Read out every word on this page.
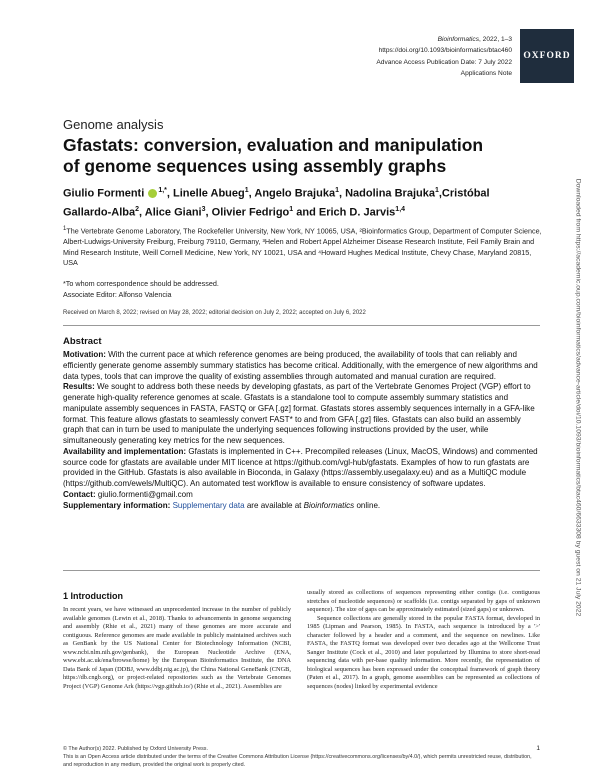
Bioinformatics, 2022, 1–3
https://doi.org/10.1093/bioinformatics/btac460
Advance Access Publication Date: 7 July 2022
Applications Note
OXFORD
Genome analysis
Gfastats: conversion, evaluation and manipulation of genome sequences using assembly graphs
Giulio Formenti $^{1,*}$, Linelle Abueg$^1$, Angelo Brajuka$^1$, Nadolina Brajuka$^1$,Cristóbal Gallardo-Alba$^2$, Alice Giani$^3$, Olivier Fedrigo$^1$ and Erich D. Jarvis$^{1,4}$
$^1$The Vertebrate Genome Laboratory, The Rockefeller University, New York, NY 10065, USA, ²Bioinformatics Group, Department of Computer Science, Albert-Ludwigs-University Freiburg, Freiburg 79110, Germany, ³Helen and Robert Appel Alzheimer Disease Research Institute, Feil Family Brain and Mind Research Institute, Weill Cornell Medicine, New York, NY 10021, USA and ⁴Howard Hughes Medical Institute, Chevy Chase, Maryland 20815, USA
*To whom correspondence should be addressed.
Associate Editor: Alfonso Valencia
Received on March 8, 2022; revised on May 28, 2022; editorial decision on July 2, 2022; accepted on July 6, 2022
Abstract

Motivation: With the current pace at which reference genomes are being produced, the availability of tools that can reliably and efficiently generate genome assembly summary statistics has become critical. Additionally, with the emergence of new algorithms and data types, tools that can improve the quality of existing assemblies through automated and manual curation are required.

Results: We sought to address both these needs by developing gfastats, as part of the Vertebrate Genomes Project (VGP) effort to generate high-quality reference genomes at scale. Gfastats is a standalone tool to compute assembly summary statistics and manipulate assembly sequences in FASTA, FASTQ or GFA [.gz] format. Gfastats stores assembly sequences internally in a GFA-like format. This feature allows gfastats to seamlessly convert FAST* to and from GFA [.gz] files. Gfastats can also build an assembly graph that can in turn be used to manipulate the underlying sequences following instructions provided by the user, while simultaneously generating key metrics for the new sequences.

Availability and implementation: Gfastats is implemented in C++. Precompiled releases (Linux, MacOS, Windows) and commented source code for gfastats are available under MIT licence at https://github.com/vgl-hub/gfastats. Examples of how to run gfastats are provided in the GitHub. Gfastats is also available in Bioconda, in Galaxy (https://assembly.usegalaxy.eu) and as a MultiQC module (https://github.com/ewels/MultiQC). An automated test workflow is available to ensure consistency of software updates.

Contact: giulio.formenti@gmail.com

Supplementary information: Supplementary data are available at Bioinformatics online.

1 Introduction

In recent years, we have witnessed an unprecedented increase in the number of publicly available genomes (Lewin et al., 2018). Thanks to advancements in genome sequencing and assembly (Rhie et al., 2021) many of these genomes are more accurate and contiguous. Reference genomes are made available in publicly maintained archives such as GenBank by the US National Center for Biotechnology Information (NCBI, www.ncbi.nlm.nih.gov/genbank), the European Nucleotide Archive (ENA, www.ebi.ac.uk/ena/browse/home) by the European Bioinformatics Institute, the DNA Data Bank of Japan (DDBJ, www.ddbj.nig.ac.jp), the China National GeneBank (CNGB, https://db.cngb.org), or project-related repositories such as the Vertebrate Genomes Project (VGP) Genome Ark (https://vgp.github.io/) (Rhie et al., 2021). Assemblies are

usually stored as collections of sequences representing either contigs (i.e. contiguous stretches of nucleotide sequences) or scaffolds (i.e. contigs separated by gaps of unknown sequence). The size of gaps can be approximately estimated (sized gaps) or unknown.

Sequence collections are generally stored in the popular FASTA format, developed in 1985 (Lipman and Pearson, 1985). In FASTA, each sequence is introduced by a '>' character followed by a header and a comment, and the sequence on newlines. Like FASTA, the FASTQ format was developed over two decades ago at the Wellcome Trust Sanger Institute (Cock et al., 2010) and later popularized by Illumina to store short-read sequencing data with per-base quality information. More recently, the representation of biological sequences has been expressed under the conceptual framework of graph theory (Paten et al., 2017). In a graph, genome assemblies can be represented as collections of sequences (nodes) linked by experimental evidence

Downloaded from https://academic.oup.com/bioinformatics/advance-article/doi/10.1093/bioinformatics/btac460/6633308 by guest on 21 July 2022
© The Author(s) 2022. Published by Oxford University Press.
This is an Open Access article distributed under the terms of the Creative Commons Attribution License (https://creativecommons.org/licenses/by/4.0/), which permits unrestricted reuse, distribution, and reproduction in any medium, provided the original work is properly cited.
1
